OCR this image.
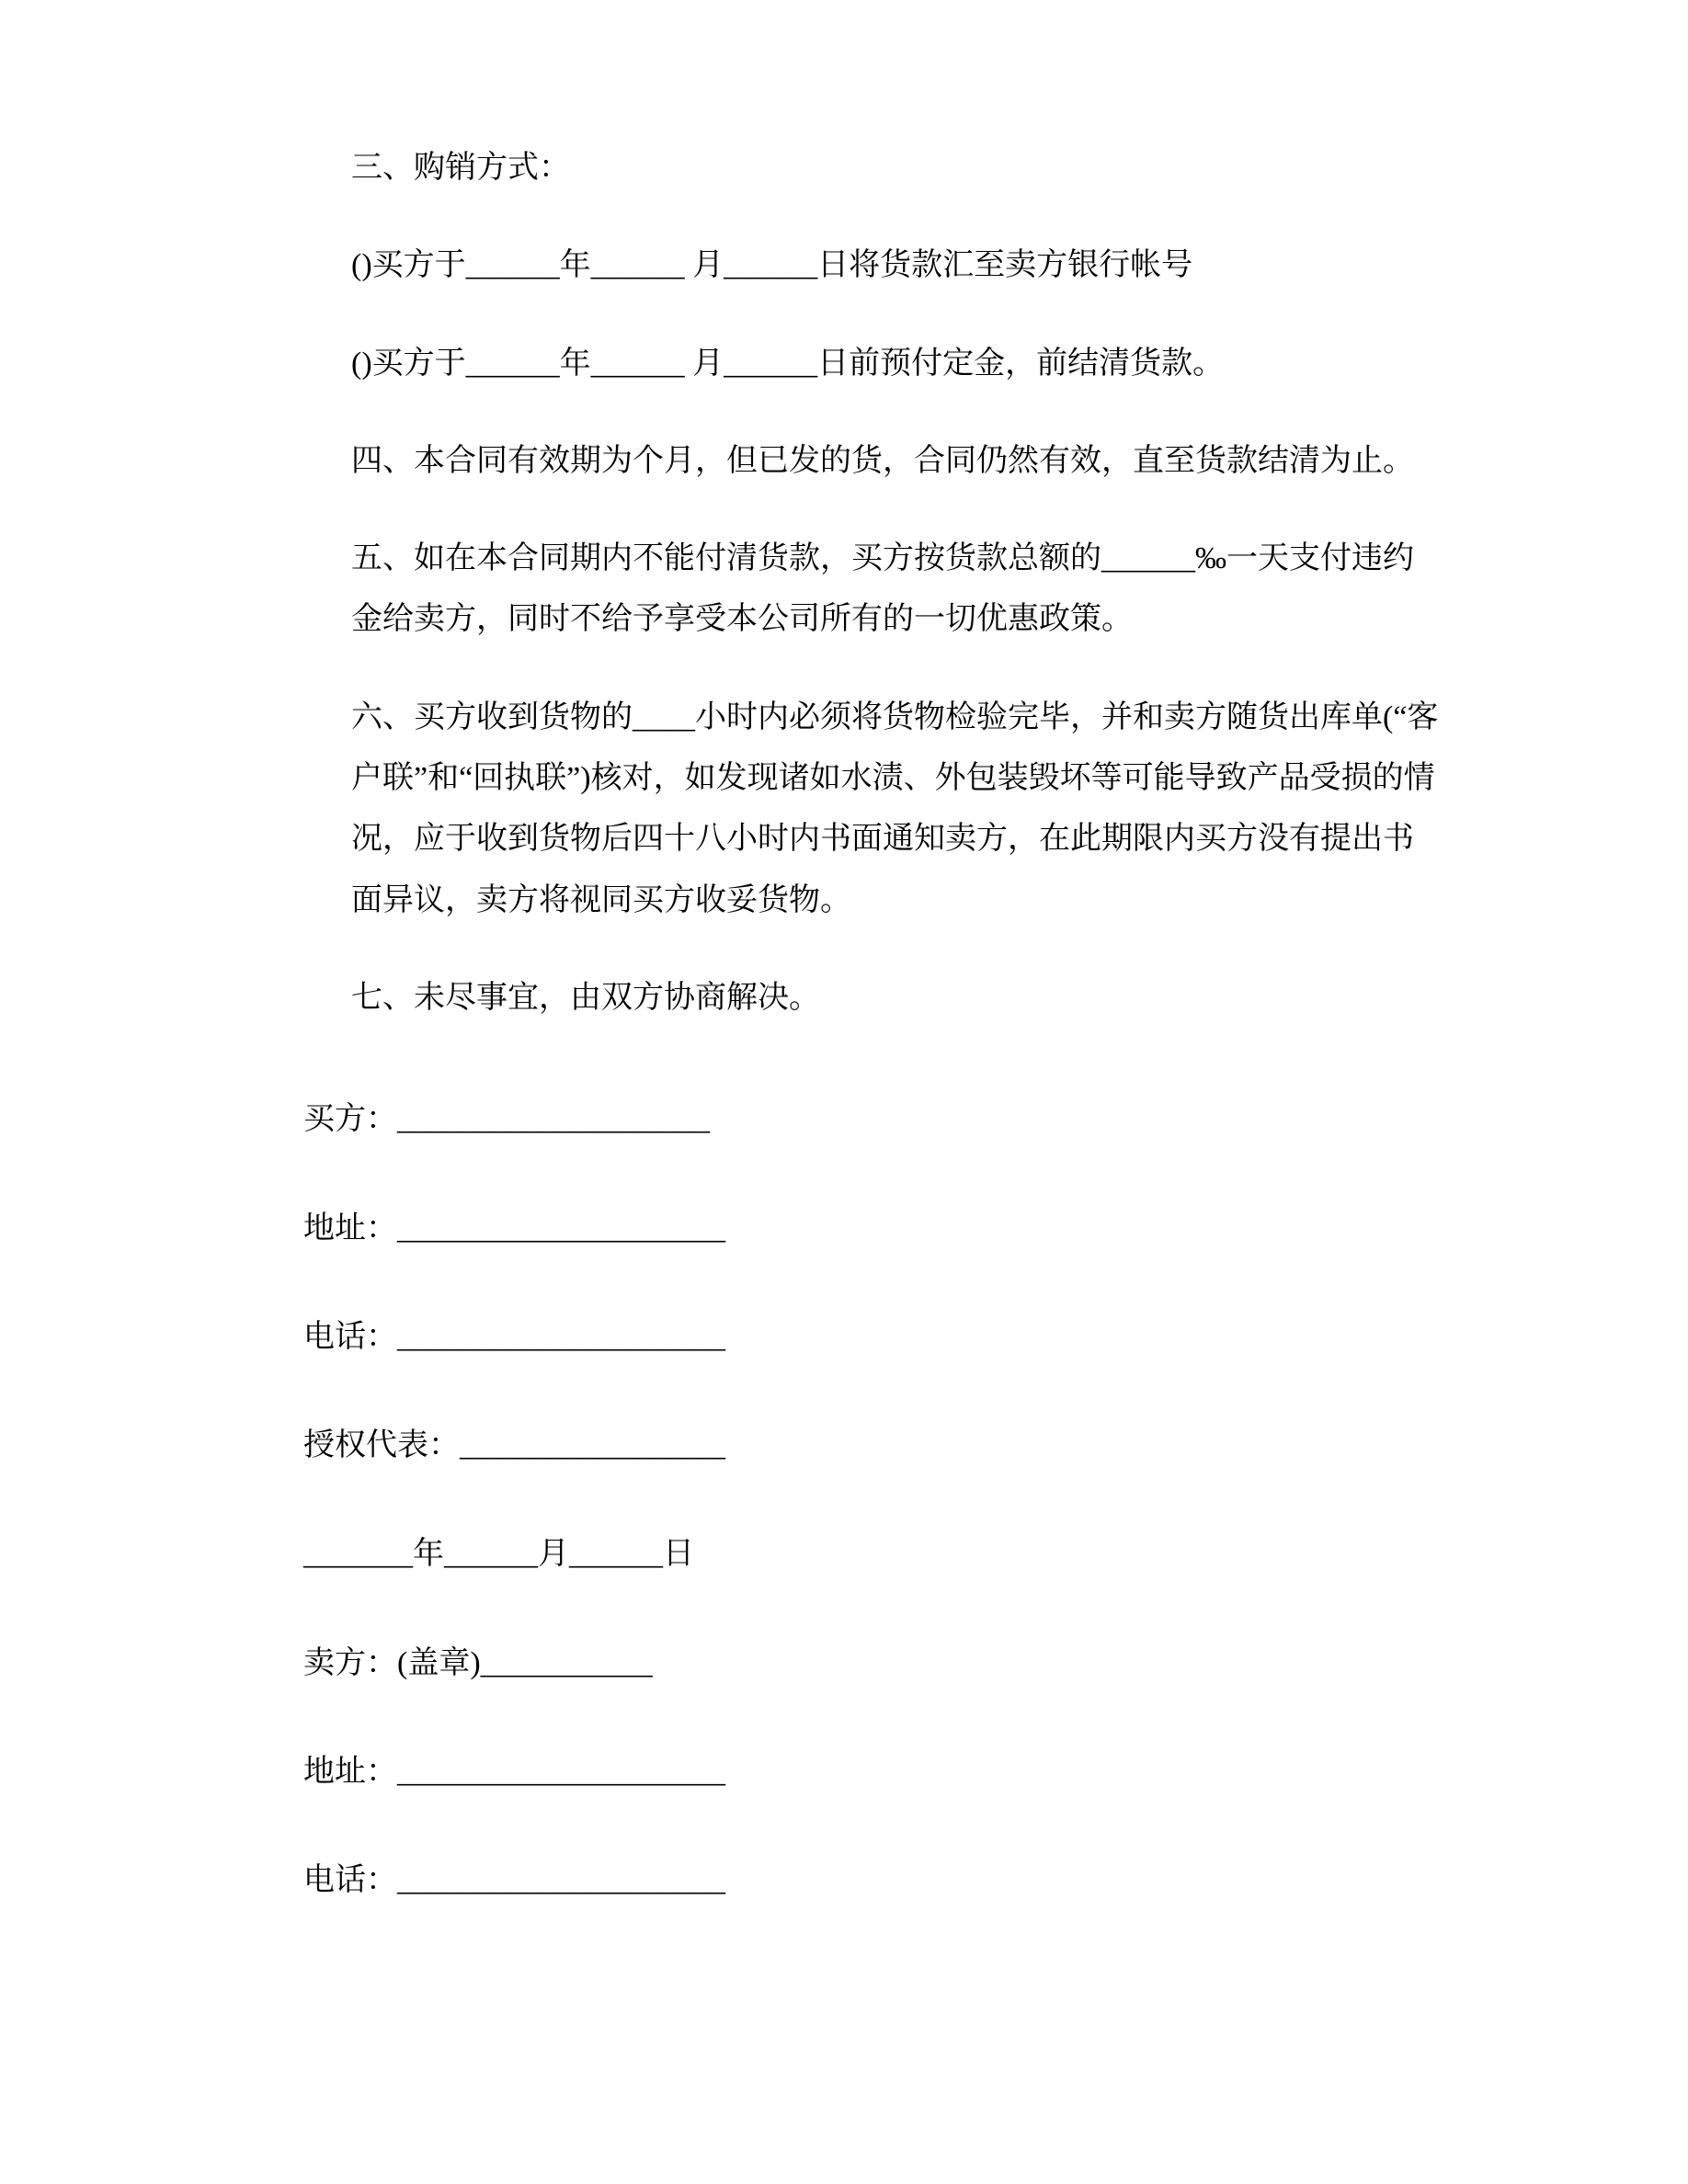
三、购销方式：

()买方于______年______ 月______日将货款汇至卖方银行帐号

()买方于______年______ 月______日前预付定金，前结清货款。

四、本合同有效期为个月，但已发的货，合同仍然有效，直至货款结清为止。

五、如在本合同期内不能付清货款，买方按货款总额的______‰一天支付违约金给卖方，同时不给予享受本公司所有的一切优惠政策。

六、买方收到货物的____小时内必须将货物检验完毕，并和卖方随货出库单(“客户联”和“回执联”)核对，如发现诸如水渍、外包装毁坏等可能导致产品受损的情况，应于收到货物后四十八小时内书面通知卖方，在此期限内买方没有提出书面异议，卖方将视同买方收妥货物。

七、未尽事宜，由双方协商解决。

买方：____________________

地址：_____________________

电话：_____________________

授权代表：_________________

_______年______月______日

卖方：(盖章)___________

地址：_____________________

电话：_____________________
